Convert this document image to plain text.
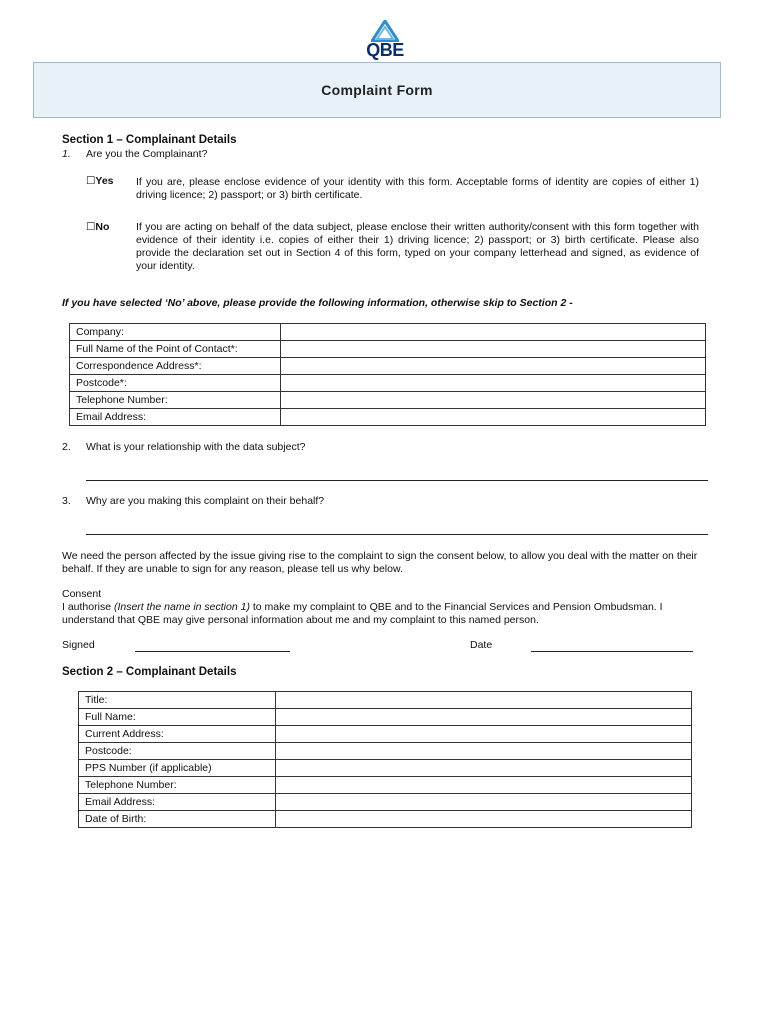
QBE
Complaint Form
Section 1 – Complainant Details
1. Are you the Complainant?
☐Yes If you are, please enclose evidence of your identity with this form. Acceptable forms of identity are copies of either 1) driving licence; 2) passport; or 3) birth certificate.
☐No	If you are acting on behalf of the data subject, please enclose their written authority/consent with this form together with evidence of their identity i.e. copies of either their 1) driving licence; 2) passport; or 3) birth certificate. Please also provide the declaration set out in Section 4 of this form, typed on your company letterhead and signed, as evidence of your identity.
If you have selected ‘No’ above, please provide the following information, otherwise skip to Section 2 -
Company:	
Full Name of the Point of Contact*:	
Correspondence Address*:	
Postcode*:	
Telephone Number:	
Email Address:	
2. What is your relationship with the data subject?
3. Why are you making this complaint on their behalf?
We need the person affected by the issue giving rise to the complaint to sign the consent below, to allow you deal with the matter on their behalf. If they are unable to sign for any reason, please tell us why below.
Consent
I authorise (Insert the name in section 1) to make my complaint to QBE and to the Financial Services and Pension Ombudsman. I understand that QBE may give personal information about me and my complaint to this named person.
Signed	Date
Section 2 – Complainant Details
Title:	
Full Name:	
Current Address:	
Postcode:	
PPS Number (if applicable)	
Telephone Number:	
Email Address:	
Date of Birth:	
